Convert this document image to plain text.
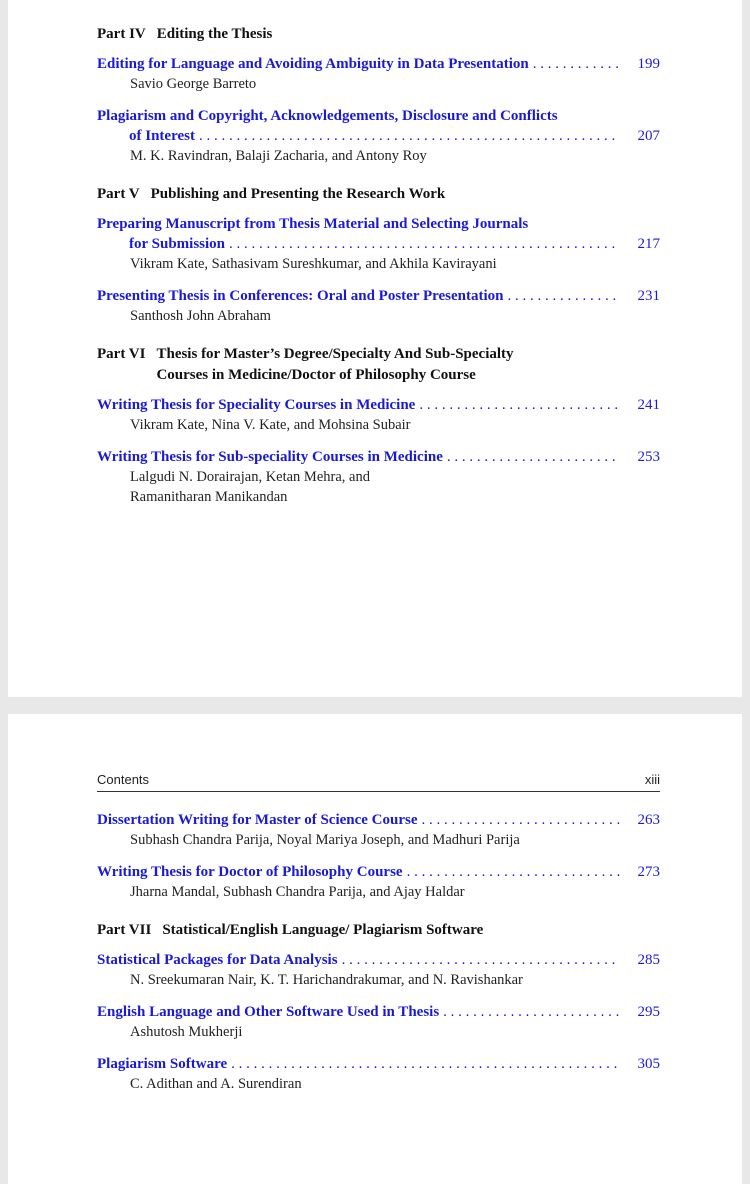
Part IV Editing the Thesis
Editing for Language and Avoiding Ambiguity in Data Presentation . . .	199
Savio George Barreto
Plagiarism and Copyright, Acknowledgements, Disclosure and Conflicts
of Interest . . .	207
M. K. Ravindran, Balaji Zacharia, and Antony Roy
Part V Publishing and Presenting the Research Work
Preparing Manuscript from Thesis Material and Selecting Journals
for Submission . . .	217
Vikram Kate, Sathasivam Sureshkumar, and Akhila Kavirayani
Presenting Thesis in Conferences: Oral and Poster Presentation . . .	231
Santhosh John Abraham
Part VI Thesis for Master’s Degree/Specialty And Sub-Specialty
Courses in Medicine/Doctor of Philosophy Course
Writing Thesis for Speciality Courses in Medicine . . .	241
Vikram Kate, Nina V. Kate, and Mohsina Subair
Writing Thesis for Sub-speciality Courses in Medicine . . .	253
Lalgudi N. Dorairajan, Ketan Mehra, and
Ramanitharan Manikandan
Contents	xiii
Dissertation Writing for Master of Science Course . . .	263
Subhash Chandra Parija, Noyal Mariya Joseph, and Madhuri Parija
Writing Thesis for Doctor of Philosophy Course . . .	273
Jharna Mandal, Subhash Chandra Parija, and Ajay Haldar
Part VII Statistical/English Language/ Plagiarism Software
Statistical Packages for Data Analysis . . .	285
N. Sreekumaran Nair, K. T. Harichandrakumar, and N. Ravishankar
English Language and Other Software Used in Thesis . . .	295
Ashutosh Mukherji
Plagiarism Software . . .	305
C. Adithan and A. Surendiran
